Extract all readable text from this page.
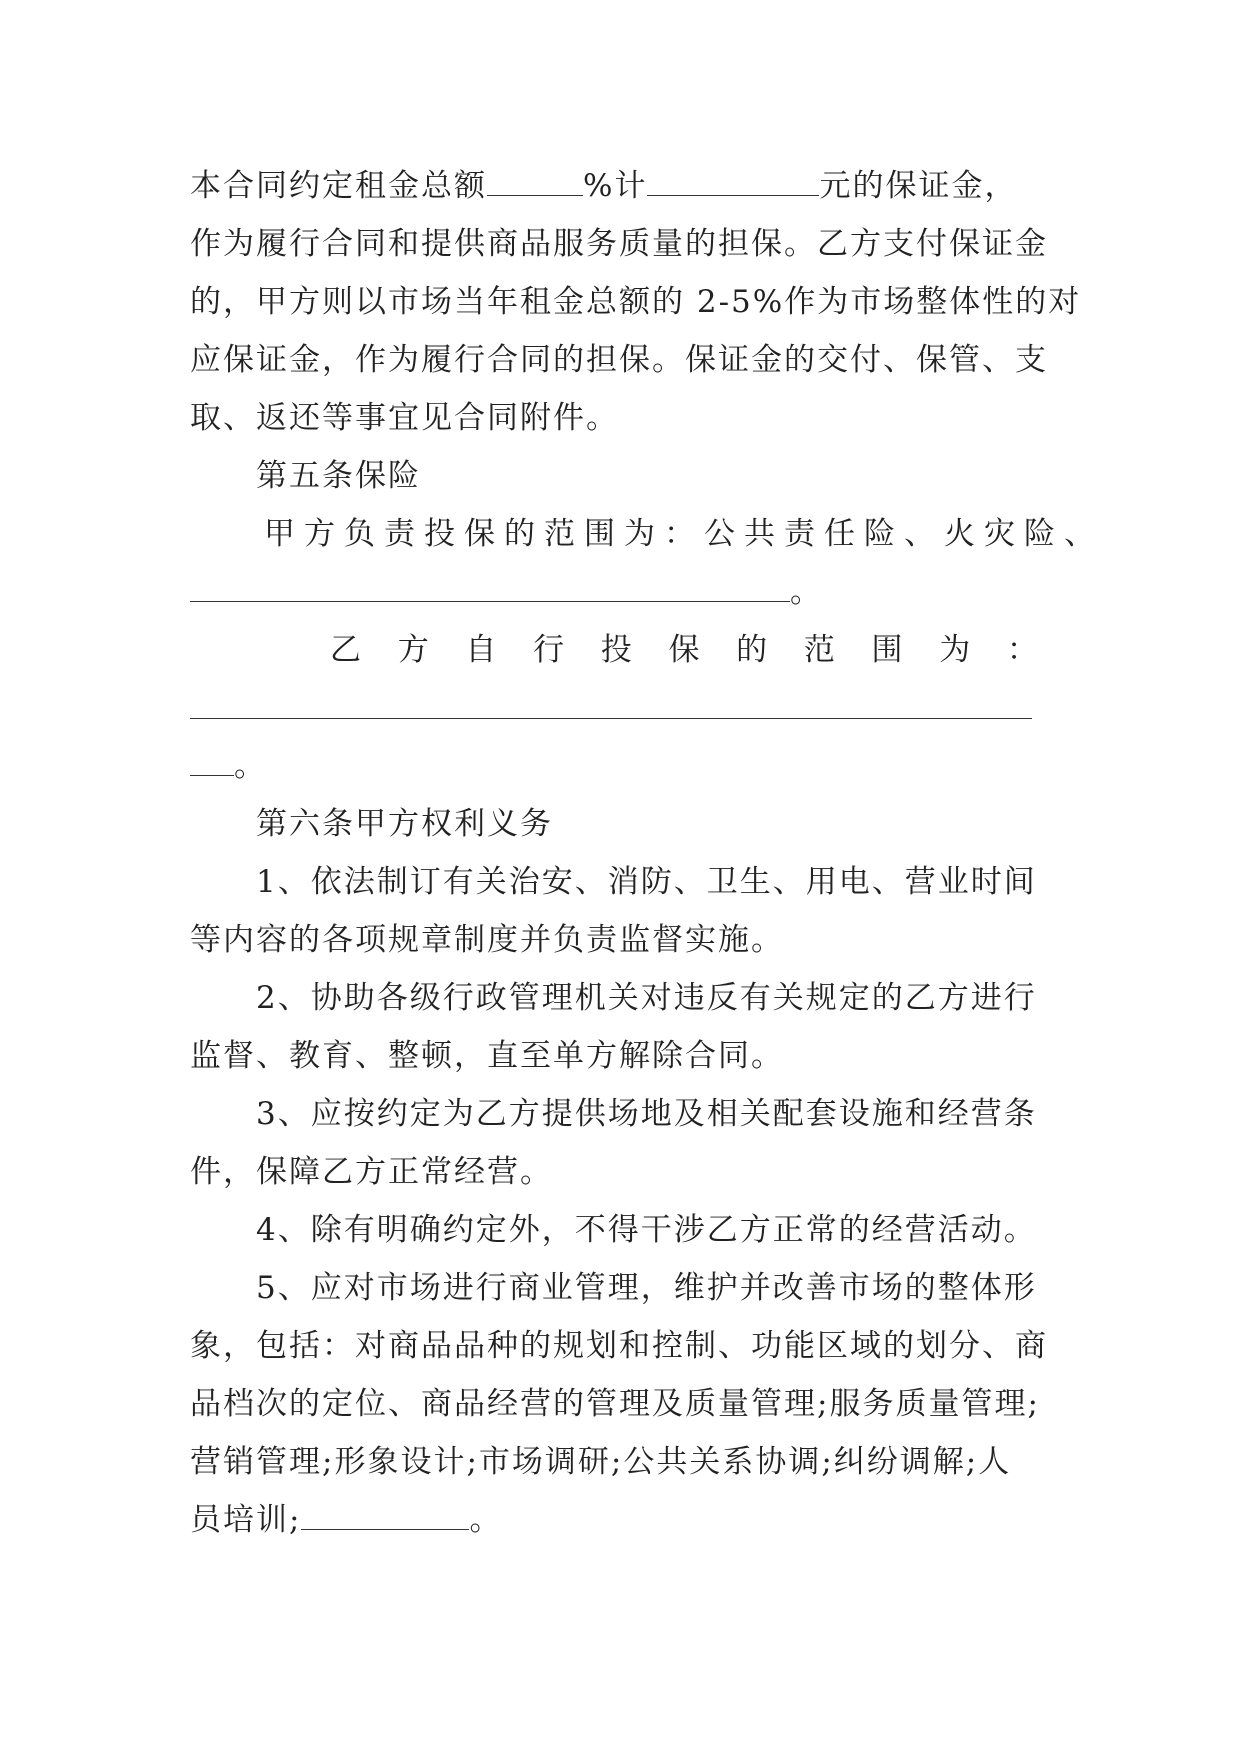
本合同约定租金总额	%计	元的保证金，
作为履行合同和提供商品服务质量的担保。乙方支付保证金
的，甲方则以市场当年租金总额的 2-5%作为市场整体性的对
应保证金，作为履行合同的担保。保证金的交付、保管、支
取、返还等事宜见合同附件。
第五条保险
甲方负责投保的范围为：公共责任险、火灾险、
。
乙 方 自 行 投 保 的 范 围 为 ：
。
第六条甲方权利义务
1、依法制订有关治安、消防、卫生、用电、营业时间
等内容的各项规章制度并负责监督实施。
2、协助各级行政管理机关对违反有关规定的乙方进行
监督、教育、整顿，直至单方解除合同。
3、应按约定为乙方提供场地及相关配套设施和经营条
件，保障乙方正常经营。
4、除有明确约定外，不得干涉乙方正常的经营活动。
5、应对市场进行商业管理，维护并改善市场的整体形
象，包括：对商品品种的规划和控制、功能区域的划分、商
品档次的定位、商品经营的管理及质量管理;服务质量管理;
营销管理;形象设计;市场调研;公共关系协调;纠纷调解;人
员培训;	。
